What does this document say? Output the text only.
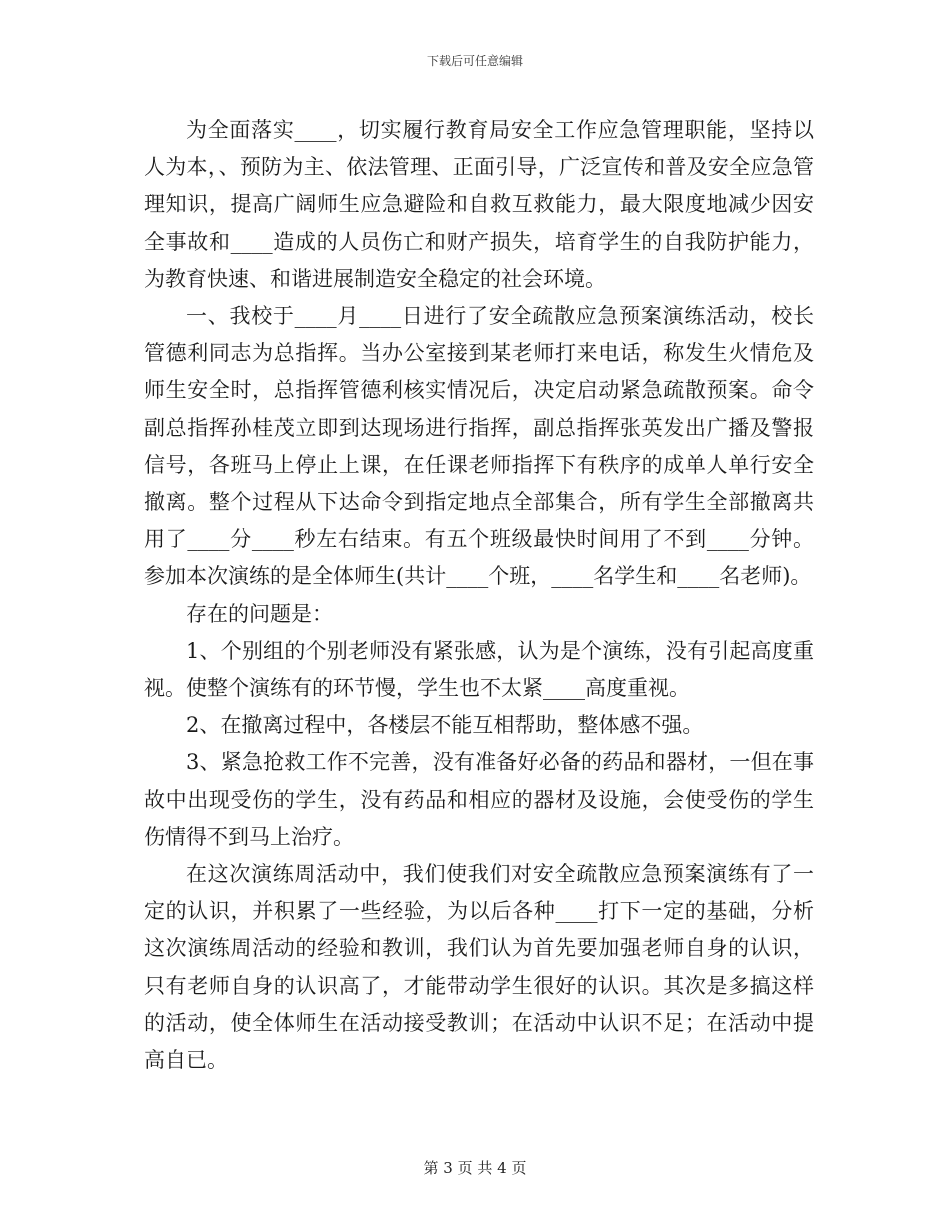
下载后可任意编辑

为全面落实____，切实履行教育局安全工作应急管理职能，坚持以人为本，、预防为主、依法管理、正面引导，广泛宣传和普及安全应急管理知识，提高广阔师生应急避险和自救互救能力，最大限度地减少因安全事故和____造成的人员伤亡和财产损失，培育学生的自我防护能力，为教育快速、和谐进展制造安全稳定的社会环境。

一、我校于____月____日进行了安全疏散应急预案演练活动，校长管德利同志为总指挥。当办公室接到某老师打来电话，称发生火情危及师生安全时，总指挥管德利核实情况后，决定启动紧急疏散预案。命令副总指挥孙桂茂立即到达现场进行指挥，副总指挥张英发出广播及警报信号，各班马上停止上课，在任课老师指挥下有秩序的成单人单行安全撤离。整个过程从下达命令到指定地点全部集合，所有学生全部撤离共用了____分____秒左右结束。有五个班级最快时间用了不到____分钟。参加本次演练的是全体师生(共计____个班，____名学生和____名老师)。

存在的问题是：

1、个别组的个别老师没有紧张感，认为是个演练，没有引起高度重视。使整个演练有的环节慢，学生也不太紧____高度重视。

2、在撤离过程中，各楼层不能互相帮助，整体感不强。

3、紧急抢救工作不完善，没有准备好必备的药品和器材，一但在事故中出现受伤的学生，没有药品和相应的器材及设施，会使受伤的学生伤情得不到马上治疗。

在这次演练周活动中，我们使我们对安全疏散应急预案演练有了一定的认识，并积累了一些经验，为以后各种____打下一定的基础，分析这次演练周活动的经验和教训，我们认为首先要加强老师自身的认识，只有老师自身的认识高了，才能带动学生很好的认识。其次是多搞这样的活动，使全体师生在活动接受教训；在活动中认识不足；在活动中提高自已。

第 3 页 共 4 页
